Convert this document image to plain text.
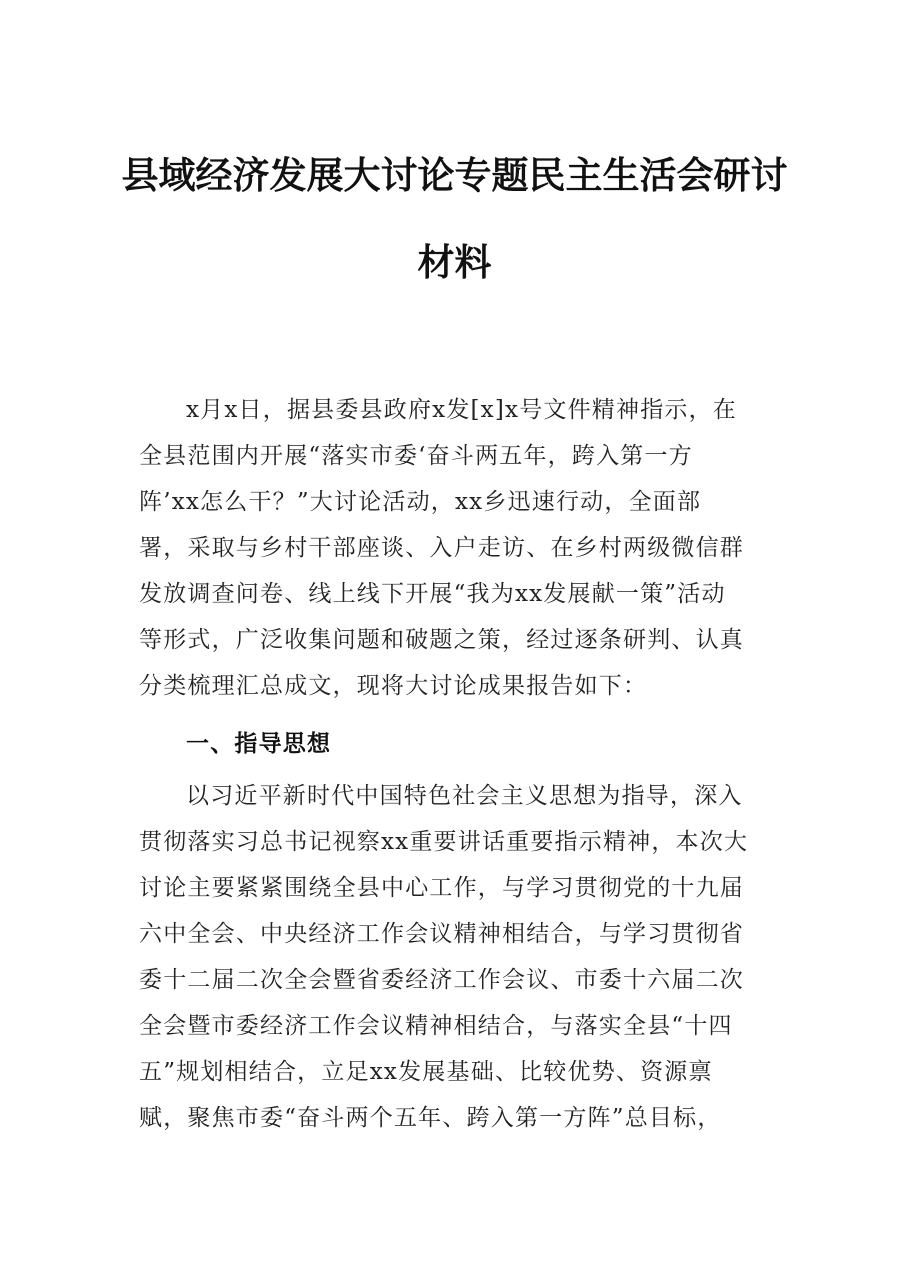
县域经济发展大讨论专题民主生活会研讨
材料
x月x日，据县委县政府x发[x]x号文件精神指示，在
全县范围内开展“落实市委‘奋斗两五年，跨入第一方
阵’xx怎么干？”大讨论活动，xx乡迅速行动，全面部
署，采取与乡村干部座谈、入户走访、在乡村两级微信群
发放调查问卷、线上线下开展“我为xx发展献一策”活动
等形式，广泛收集问题和破题之策，经过逐条研判、认真
分类梳理汇总成文，现将大讨论成果报告如下：
一、指导思想
以习近平新时代中国特色社会主义思想为指导，深入
贯彻落实习总书记视察xx重要讲话重要指示精神，本次大
讨论主要紧紧围绕全县中心工作，与学习贯彻党的十九届
六中全会、中央经济工作会议精神相结合，与学习贯彻省
委十二届二次全会暨省委经济工作会议、市委十六届二次
全会暨市委经济工作会议精神相结合，与落实全县“十四
五”规划相结合，立足xx发展基础、比较优势、资源禀
赋，聚焦市委“奋斗两个五年、跨入第一方阵”总目标，
